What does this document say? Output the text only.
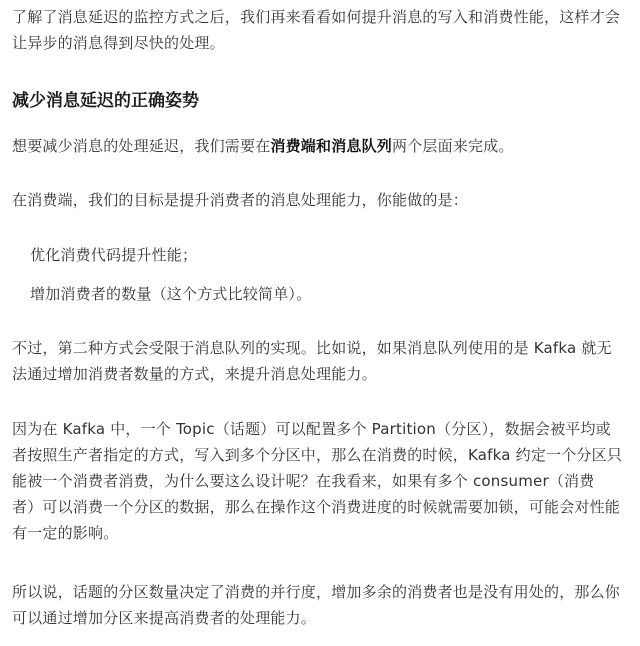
了解了消息延迟的监控方式之后，我们再来看看如何提升消息的写入和消费性能，这样才会

让异步的消息得到尽快的处理。

减少消息延迟的正确姿势

想要减少消息的处理延迟，我们需要在消费端和消息队列两个层面来完成。

在消费端，我们的目标是提升消费者的消息处理能力，你能做的是：

优化消费代码提升性能；

增加消费者的数量（这个方式比较简单）。

不过，第二种方式会受限于消息队列的实现。比如说，如果消息队列使用的是 Kafka 就无

法通过增加消费者数量的方式，来提升消息处理能力。

因为在 Kafka 中，一个 Topic（话题）可以配置多个 Partition（分区），数据会被平均或

者按照生产者指定的方式，写入到多个分区中，那么在消费的时候，Kafka 约定一个分区只

能被一个消费者消费，为什么要这么设计呢？在我看来，如果有多个 consumer（消费

者）可以消费一个分区的数据，那么在操作这个消费进度的时候就需要加锁，可能会对性能

有一定的影响。

所以说，话题的分区数量决定了消费的并行度，增加多余的消费者也是没有用处的，那么你

可以通过增加分区来提高消费者的处理能力。
